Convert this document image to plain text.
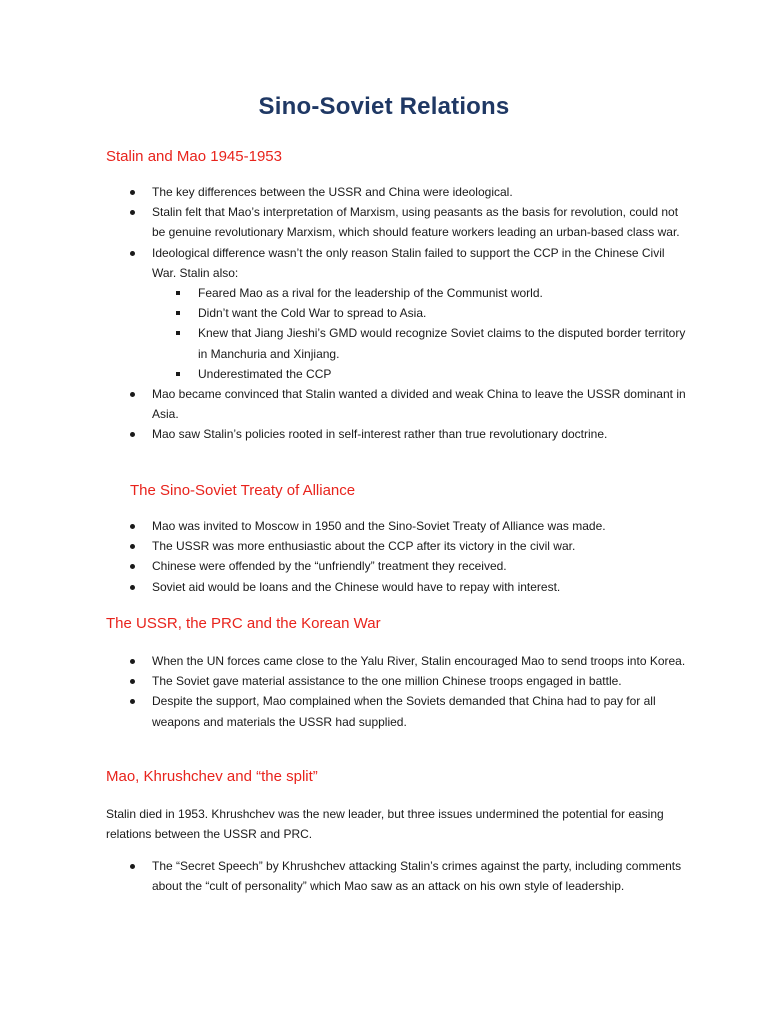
Sino-Soviet Relations
Stalin and Mao 1945-1953
The key differences between the USSR and China were ideological.
Stalin felt that Mao’s interpretation of Marxism, using peasants as the basis for revolution, could not be genuine revolutionary Marxism, which should feature workers leading an urban-based class war.
Ideological difference wasn’t the only reason Stalin failed to support the CCP in the Chinese Civil War. Stalin also:
Feared Mao as a rival for the leadership of the Communist world.
Didn’t want the Cold War to spread to Asia.
Knew that Jiang Jieshi’s GMD would recognize Soviet claims to the disputed border territory in Manchuria and Xinjiang.
Underestimated the CCP
Mao became convinced that Stalin wanted a divided and weak China to leave the USSR dominant in Asia.
Mao saw Stalin’s policies rooted in self-interest rather than true revolutionary doctrine.
The Sino-Soviet Treaty of Alliance
Mao was invited to Moscow in 1950 and the Sino-Soviet Treaty of Alliance was made.
The USSR was more enthusiastic about the CCP after its victory in the civil war.
Chinese were offended by the “unfriendly” treatment they received.
Soviet aid would be loans and the Chinese would have to repay with interest.
The USSR, the PRC and the Korean War
When the UN forces came close to the Yalu River, Stalin encouraged Mao to send troops into Korea.
The Soviet gave material assistance to the one million Chinese troops engaged in battle.
Despite the support, Mao complained when the Soviets demanded that China had to pay for all weapons and materials the USSR had supplied.
Mao, Khrushchev and “the split”

Stalin died in 1953. Khrushchev was the new leader, but three issues undermined the potential for easing relations between the USSR and PRC.

The “Secret Speech” by Khrushchev attacking Stalin’s crimes against the party, including comments about the “cult of personality” which Mao saw as an attack on his own style of leadership.
